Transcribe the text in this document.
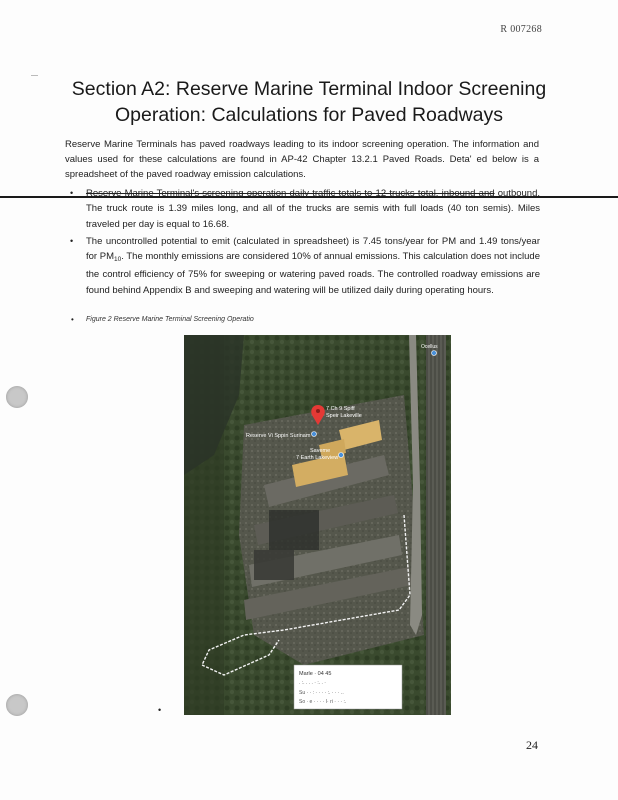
R 007268
Section A2: Reserve Marine Terminal Indoor Screening Operation: Calculations for Paved Roadways
Reserve Marine Terminals has paved roadways leading to its indoor screening operation. The information and values used for these calculations are found in AP-42 Chapter 13.2.1 Paved Roads. Deta' ed below is a spreadsheet of the paved roadway emission calculations.
• Reserve Marine Terminal's screening operation daily traffic totals to 12 trucks total, inbound and outbound. The truck route is 1.39 miles long, and all of the trucks are semis with full loads (40 ton semis). Miles traveled per day is equal to 16.68.
• The uncontrolled potential to emit (calculated in spreadsheet) is 7.45 tons/year for PM and 1.49 tons/year for $PM_{10}$. The monthly emissions are considered 10% of annual emissions. This calculation does not include the control efficiency of 75% for sweeping or watering paved roads. The controlled roadway emissions are found behind Appendix B and sweeping and watering will be utilized daily during operating hours.
• Figure 2 Reserve Marine Terminal Screening Operatio
7 Ch 9 Spiff
Speir Lakeville
Reserve Vi Sppin Surinam
Saveme
7 Earth Lakeview
Ocellus
Marle · 04 45
. :. . . . · :. . ·
Su · · : · · · · :. · · · ..
So · e · · · · l· ri · · · :.
•
24
